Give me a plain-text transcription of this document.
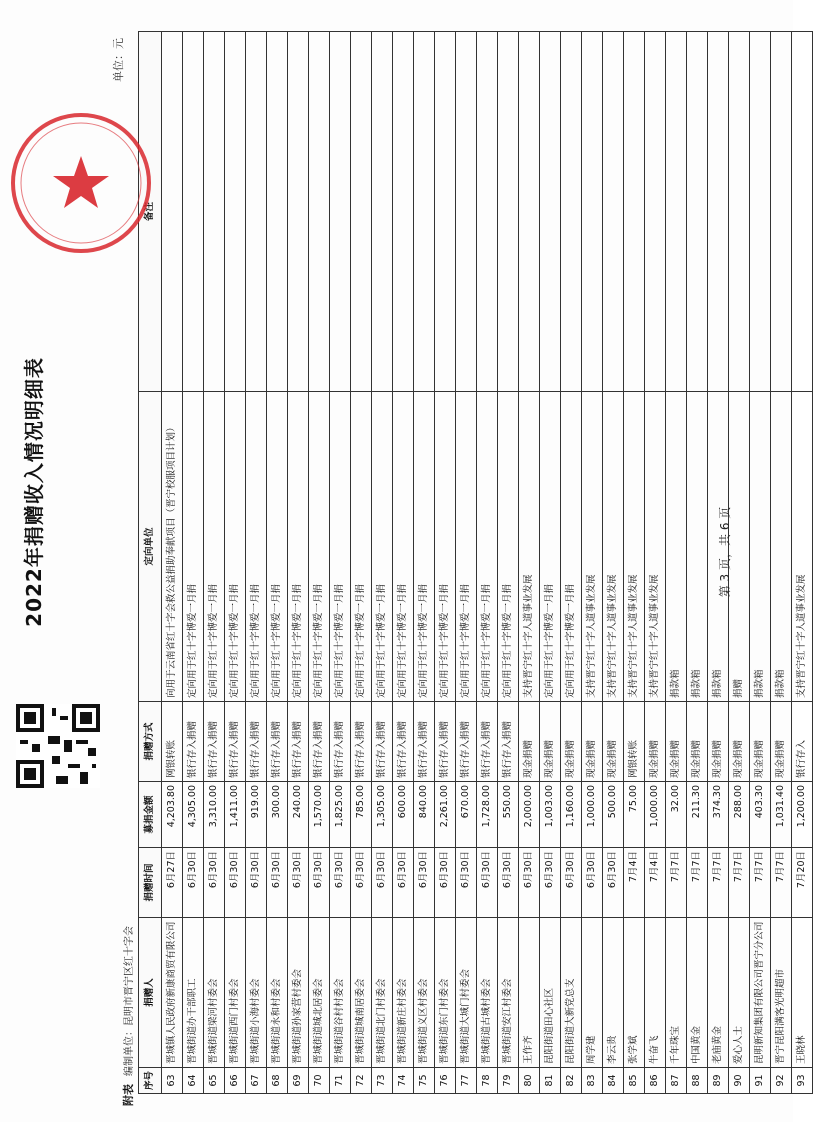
2022年捐赠收入情况明细表
单位：元
附表
编制单位：昆明市晋宁区红十字会
序号	捐赠人	捐赠时间	募捐金额	捐赠方式	定向单位	备注
63	晋城镇人民政府新康商贸有限公司	6月27日	4,203.80	网银转账	向用于云南省红十字会救公益捐助奉献项目（晋宁校服项目计划）	
64	晋城街道办干部职工	6月30日	4,305.00	银行存入捐赠	定向用于红十字博爱一月捐	
65	晋城街道梁河村委会	6月30日	3,310.00	银行存入捐赠	定向用于红十字博爱一月捐	
66	晋城街道西门村委会	6月30日	1,411.00	银行存入捐赠	定向用于红十字博爱一月捐	
67	晋城街道小海村委会	6月30日	919.00	银行存入捐赠	定向用于红十字博爱一月捐	
68	晋城街道永和村委会	6月30日	300.00	银行存入捐赠	定向用于红十字博爱一月捐	
69	晋城街道孙家营村委会	6月30日	240.00	银行存入捐赠	定向用于红十字博爱一月捐	
70	晋城街道城北居委会	6月30日	1,570.00	银行存入捐赠	定向用于红十字博爱一月捐	
71	晋城街道谷村村委会	6月30日	1,825.00	银行存入捐赠	定向用于红十字博爱一月捐	
72	晋城街道城南居委会	6月30日	785.00	银行存入捐赠	定向用于红十字博爱一月捐	
73	晋城街道北门村委会	6月30日	1,305.00	银行存入捐赠	定向用于红十字博爱一月捐	
74	晋城街道新庄村委会	6月30日	600.00	银行存入捐赠	定向用于红十字博爱一月捐	
75	晋城街道义区村委会	6月30日	840.00	银行存入捐赠	定向用于红十字博爱一月捐	
76	晋城街道东门村委会	6月30日	2,261.00	银行存入捐赠	定向用于红十字博爱一月捐	
77	晋城街道大城门村委会	6月30日	670.00	银行存入捐赠	定向用于红十字博爱一月捐	
78	晋城街道古城村委会	6月30日	1,728.00	银行存入捐赠	定向用于红十字博爱一月捐	
79	晋城街道安江村委会	6月30日	550.00	银行存入捐赠	定向用于红十字博爱一月捐	
80	王作齐	6月30日	2,000.00	现金捐赠	支持晋宁红十字人道事业发展	
81	昆阳街道田心社区	6月30日	1,003.00	现金捐赠	定向用于红十字博爱一月捐	
82	昆阳街道大新党总支	6月30日	1,160.00	现金捐赠	定向用于红十字博爱一月捐	
83	周学建	6月30日	1,000.00	现金捐赠	支持晋宁红十字人道事业发展	
84	李云贵	6月30日	500.00	现金捐赠	支持晋宁红十字人道事业发展	
85	张学斌	7月4日	75.00	网银转账	支持晋宁红十字人道事业发展	
86	牛奋飞	7月4日	1,000.00	现金捐赠	支持晋宁红十字人道事业发展	
87	千年珠宝	7月7日	32.00	现金捐赠	捐款箱	
88	中国黄金	7月7日	211.30	现金捐赠	捐款箱	
89	老庙黄金	7月7日	374.30	现金捐赠	捐款箱	
90	爱心人士	7月7日	288.00	现金捐赠	捐赠	
91	昆明新知集团有限公司晋宁分公司	7月7日	403.30	现金捐赠	捐款箱	
92	晋宁昆阳满客光明超市	7月7日	1,031.40	现金捐赠	捐款箱	
93	王晓林	7月20日	1,200.00	银行存入	支持晋宁红十字人道事业发展	
第 3 页，共 6 页
